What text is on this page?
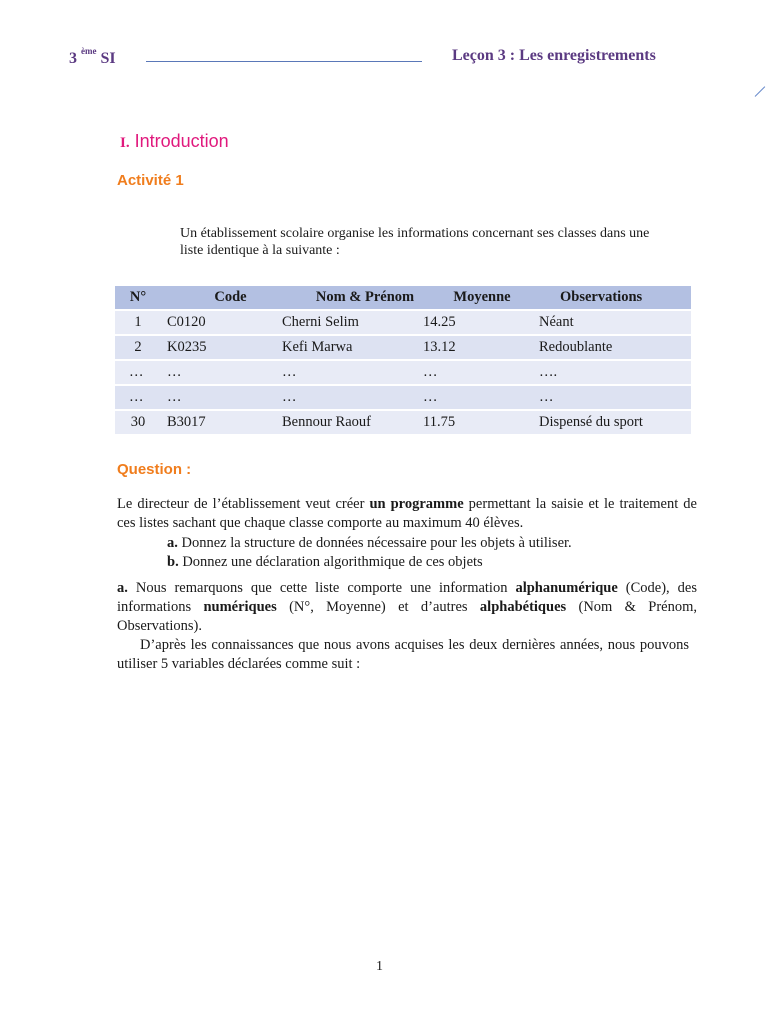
3 $^{ème}$ SI	Leçon 3 : Les enregistrements
I. Introduction
Activité 1
Un établissement scolaire organise les informations concernant ses classes dans une liste identique à la suivante :
N°	Code	Nom & Prénom	Moyenne	Observations
1	C0120	Cherni Selim	14.25	Néant
2	K0235	Kefi Marwa	13.12	Redoublante
…	…	…	…	….
…	…	…	…	…
30	B3017	Bennour Raouf	11.75	Dispensé du sport
Question :
Le directeur de l’établissement veut créer un programme permettant la saisie et le traitement de ces listes sachant que chaque classe comporte au maximum 40 élèves.
a. Donnez la structure de données nécessaire pour les objets à utiliser.
b. Donnez une déclaration algorithmique de ces objets
a. Nous remarquons que cette liste comporte une information alphanumérique (Code), des informations numériques (N°, Moyenne) et d’autres alphabétiques (Nom & Prénom, Observations).
D’après les connaissances que nous avons acquises les deux dernières années, nous pouvons utiliser 5 variables déclarées comme suit :
1
